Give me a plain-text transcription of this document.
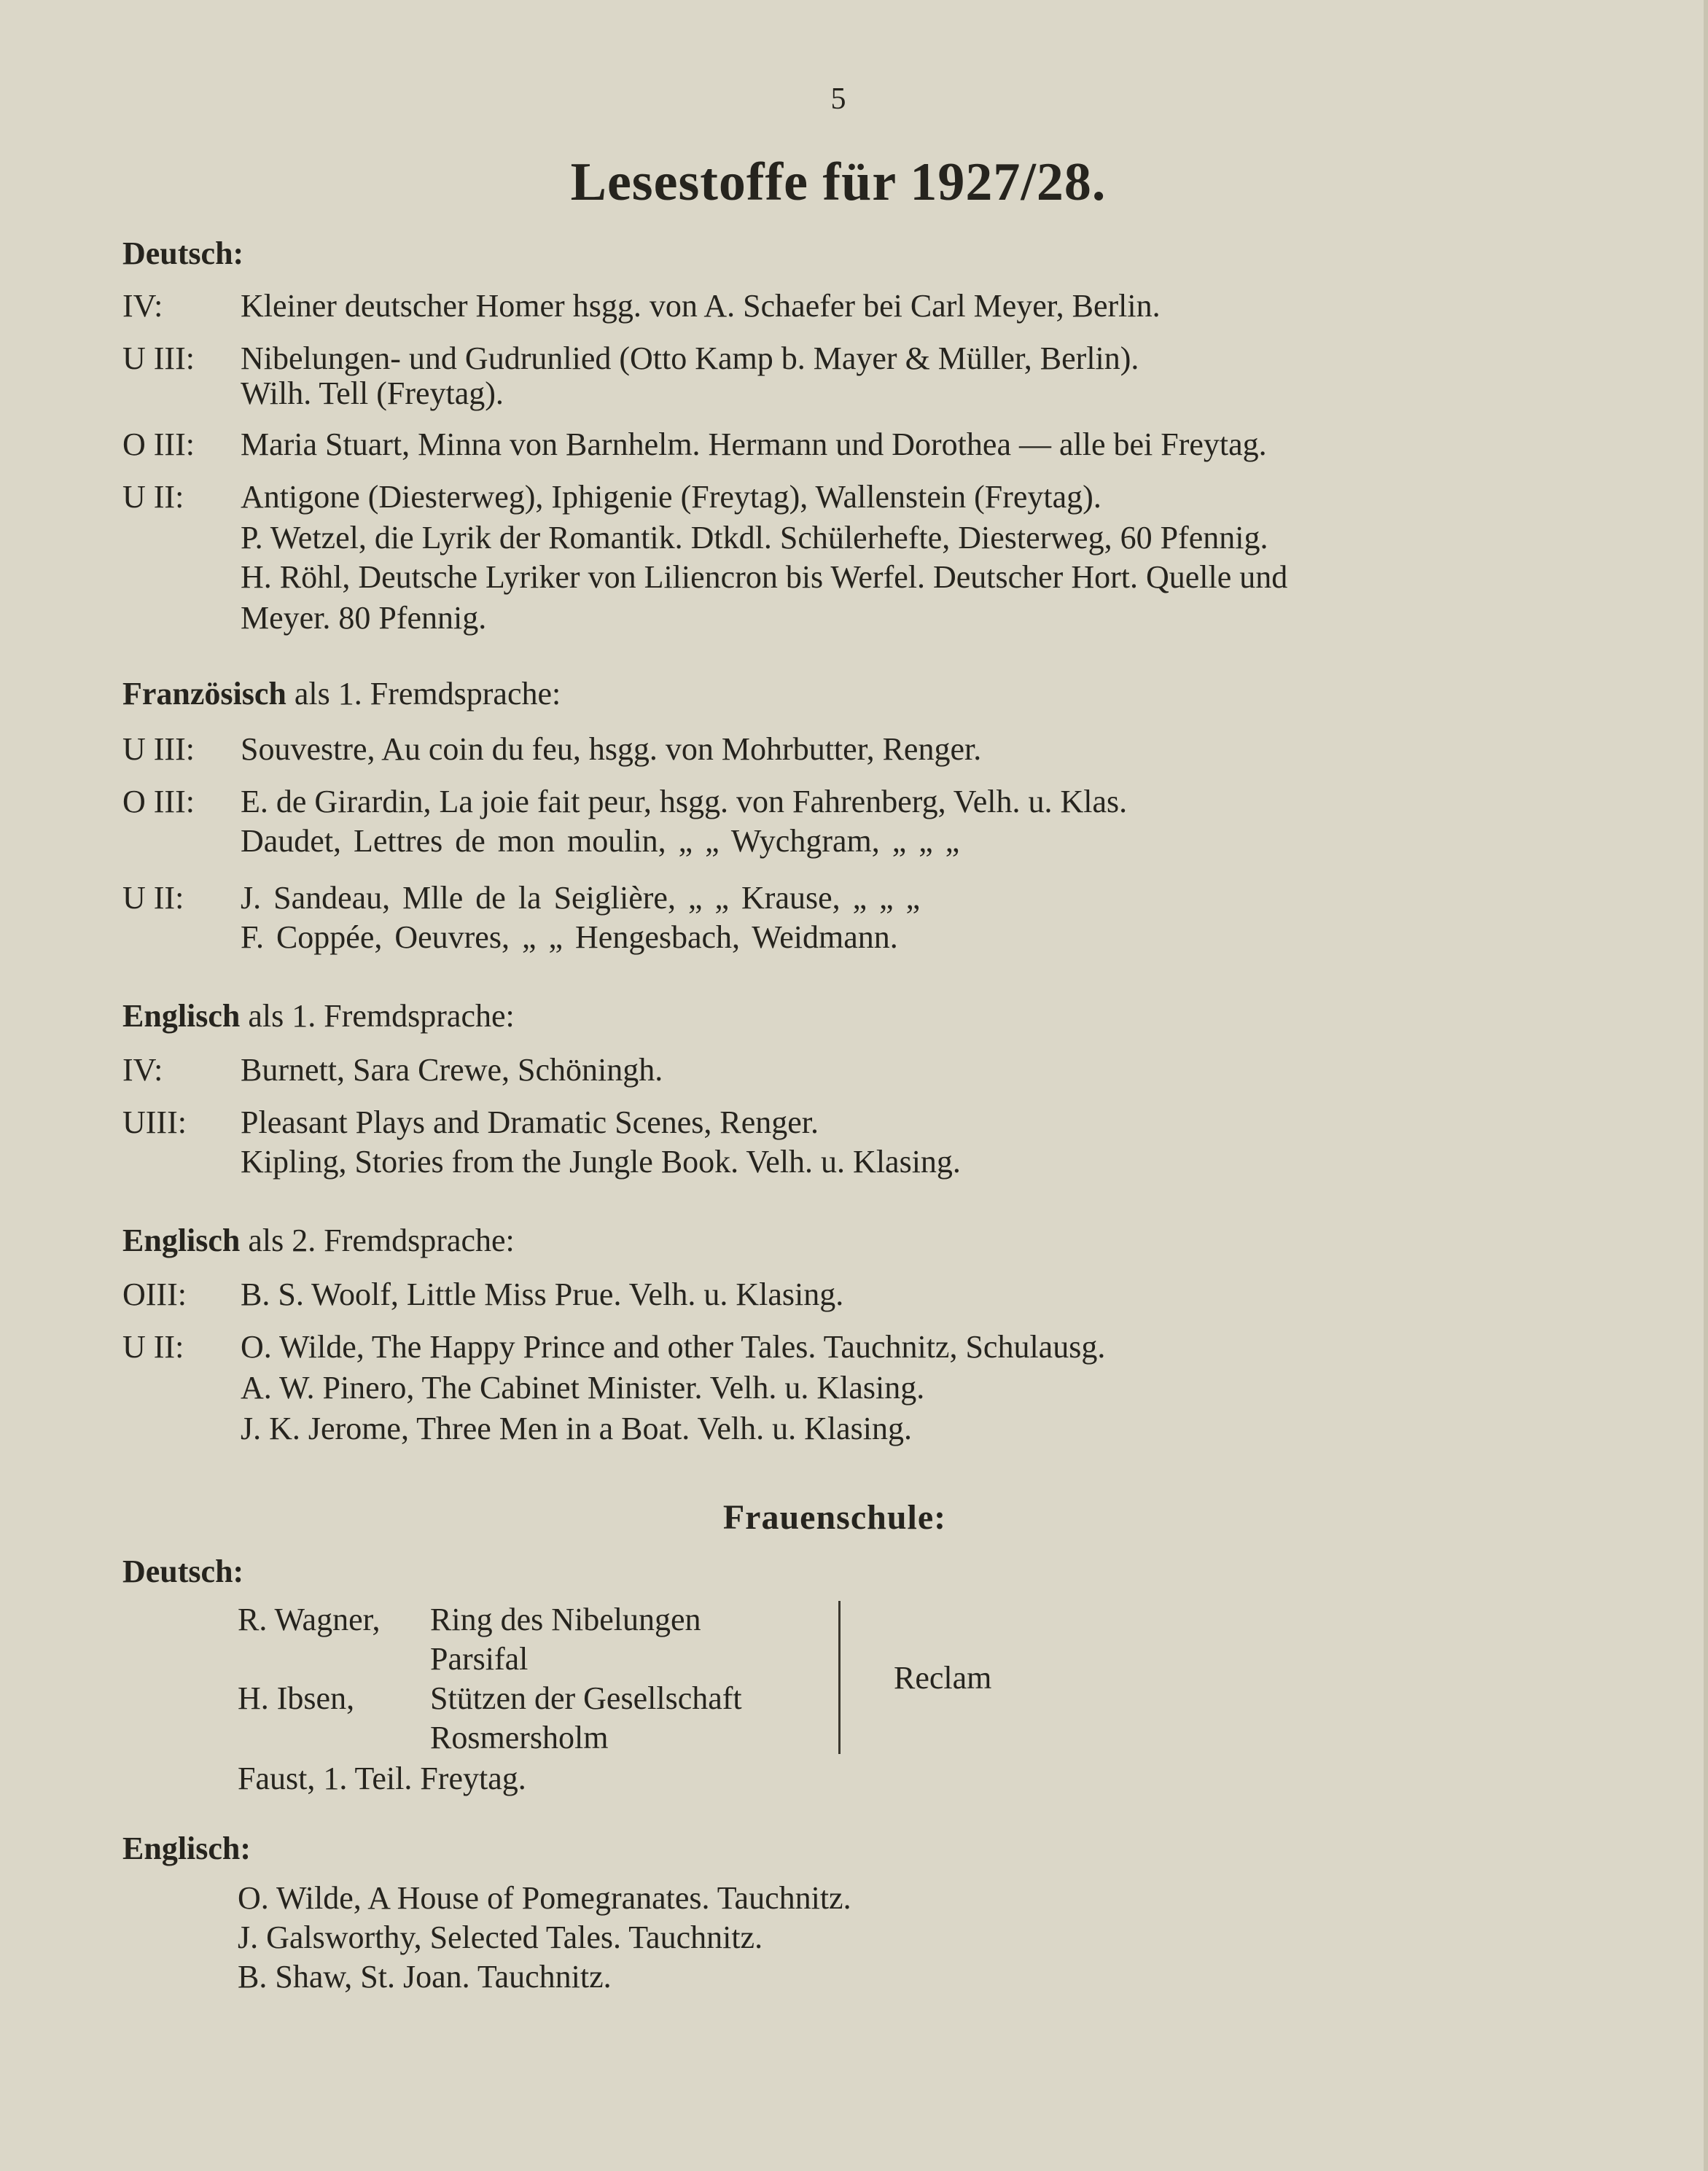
5
Lesestoffe für 1927/28.
Deutsch:
IV: Kleiner deutscher Homer hsgg. von A. Schaefer bei Carl Meyer, Berlin.
U III: Nibelungen- und Gudrunlied (Otto Kamp b. Mayer & Müller, Berlin).
Wilh. Tell (Freytag).
O III: Maria Stuart, Minna von Barnhelm. Hermann und Dorothea — alle bei Freytag.
U II: Antigone (Diesterweg), Iphigenie (Freytag), Wallenstein (Freytag).
P. Wetzel, die Lyrik der Romantik. Dtkdl. Schülerhefte, Diesterweg, 60 Pfennig.
H. Röhl, Deutsche Lyriker von Liliencron bis Werfel. Deutscher Hort. Quelle und
Meyer. 80 Pfennig.
Französisch als 1. Fremdsprache:
U III: Souvestre, Au coin du feu, hsgg. von Mohrbutter, Renger.
O III: E. de Girardin, La joie fait peur, hsgg. von Fahrenberg, Velh. u. Klas.
Daudet, Lettres de mon moulin, „ „ Wychgram, „ „ „
U II: J. Sandeau, Mlle de la Seiglière, „ „ Krause, „ „ „
F. Coppée, Oeuvres, „ „ Hengesbach, Weidmann.
Englisch als 1. Fremdsprache:
IV: Burnett, Sara Crewe, Schöningh.
UIII: Pleasant Plays and Dramatic Scenes, Renger.
Kipling, Stories from the Jungle Book. Velh. u. Klasing.
Englisch als 2. Fremdsprache:
OIII: B. S. Woolf, Little Miss Prue. Velh. u. Klasing.
U II: O. Wilde, The Happy Prince and other Tales. Tauchnitz, Schulausg.
A. W. Pinero, The Cabinet Minister. Velh. u. Klasing.
J. K. Jerome, Three Men in a Boat. Velh. u. Klasing.
Frauenschule:
Deutsch:
R. Wagner, Ring des Nibelungen
Parsifal
H. Ibsen, Stützen der Gesellschaft
Rosmersholm
Reclam
Faust, 1. Teil. Freytag.
Englisch:
O. Wilde, A House of Pomegranates. Tauchnitz.
J. Galsworthy, Selected Tales. Tauchnitz.
B. Shaw, St. Joan. Tauchnitz.
